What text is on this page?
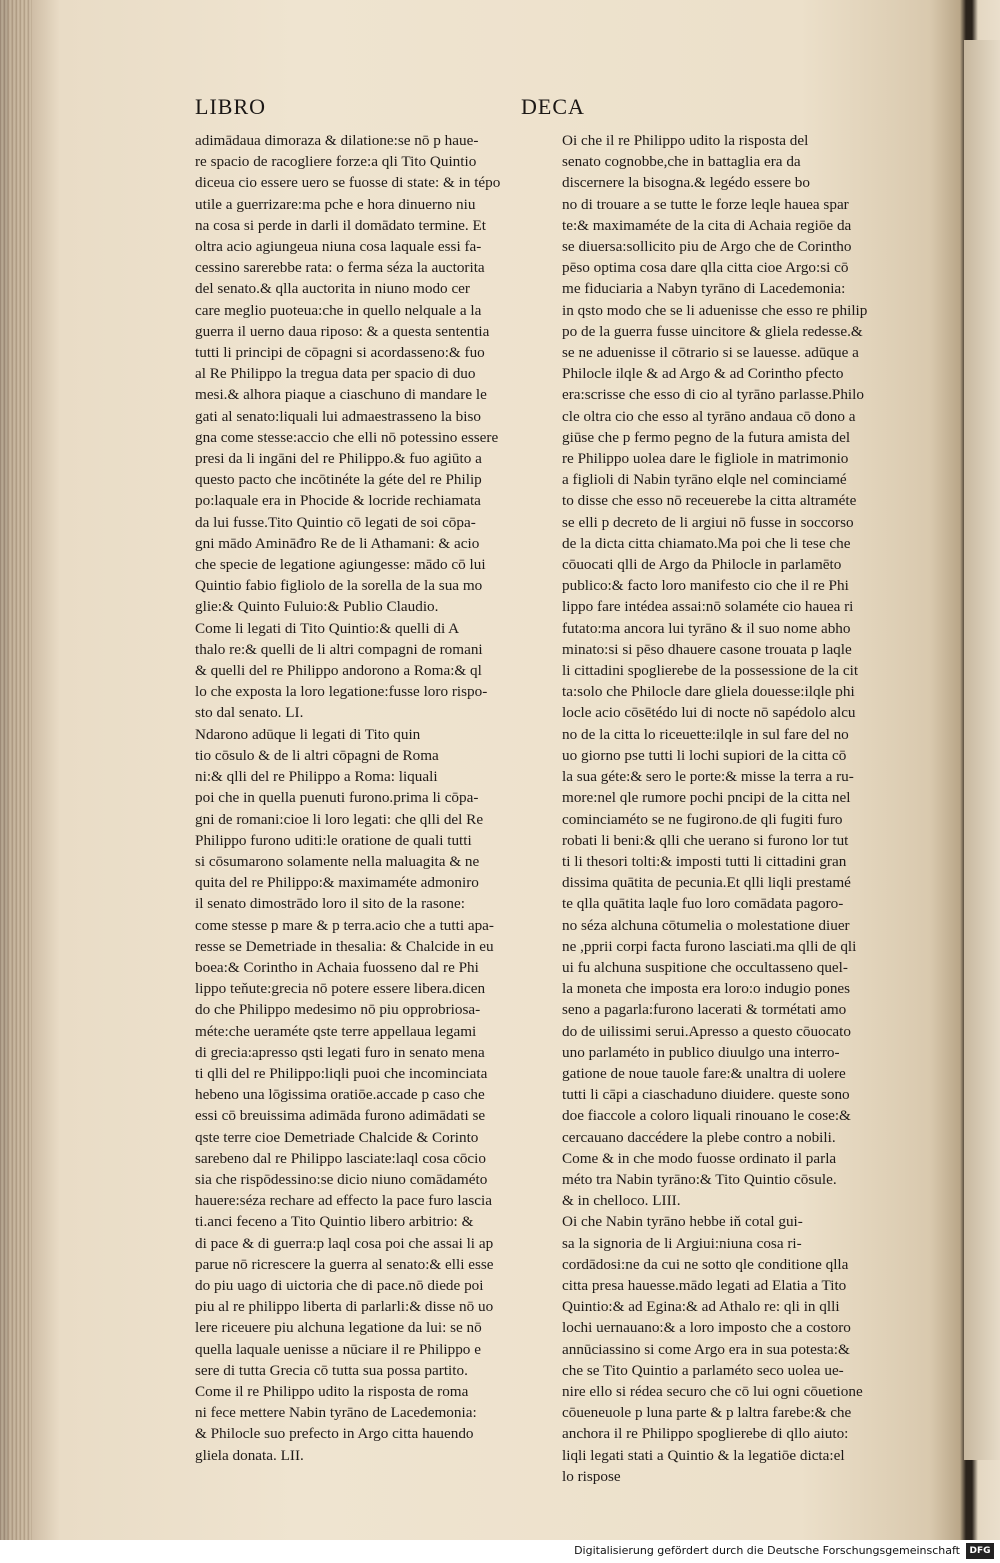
LIBRO	DECA

adimādaua dimoraza & dilatione:se nō p haue-

re spacio de racogliere forze:a qli Tito Quintio

diceua cio essere uero se fuosse di state: & in tépo

utile a guerrizare:ma pche e hora dinuerno niu

na cosa si perde in darli il domādato termine. Et

oltra acio agiungeua niuna cosa laquale essi fa-

cessino sarerebbe rata: o ferma séza la auctorita

del senato.& qlla auctorita in niuno modo cer

care meglio puoteua:che in quello nelquale a la

guerra il uerno daua riposo: & a questa sententia

tutti li principi de cōpagni si acordasseno:& fuo

al Re Philippo la tregua data per spacio di duo

mesi.& alhora piaque a ciaschuno di mandare le

gati al senato:liquali lui admaestrasseno la biso

gna come stesse:accio che elli nō potessino essere

presi da li ingāni del re Philippo.& fuo agiūto a

questo pacto che incōtinéte la géte del re Philip

po:laquale era in Phocide & locride rechiamata

da lui fusse.Tito Quintio cō legati de soi cōpa-

gni mādo Amināđro Re de li Athamani: & acio

che specie de legatione agiungesse: mādo cō lui

Quintio fabio figliolo de la sorella de la sua mo

glie:& Quinto Fuluio:& Publio Claudio.

Come li legati di Tito Quintio:& quelli di A

thalo re:& quelli de li altri compagni de romani

& quelli del re Philippo andorono a Roma:& ql

lo che exposta la loro legatione:fusse loro rispo-

sto dal senato. LI.

Ndarono adūque li legati di Tito quin

tio cōsulo & de li altri cōpagni de Roma

ni:& qlli del re Philippo a Roma: liquali

poi che in quella puenuti furono.prima li cōpa-

gni de romani:cioe li loro legati: che qlli del Re

Philippo furono uditi:le oratione de quali tutti

si cōsumarono solamente nella maluagita & ne

quita del re Philippo:& maximaméte admoniro

il senato dimostrādo loro il sito de la rasone:

come stesse p mare & p terra.acio che a tutti apa-

resse se Demetriade in thesalia: & Chalcide in eu

boea:& Corintho in Achaia fuosseno dal re Phi

lippo teňute:grecia nō potere essere libera.dicen

do che Philippo medesimo nō piu opprobriosa-

méte:che ueraméte qste terre appellaua legami

di grecia:apresso qsti legati furo in senato mena

ti qlli del re Philippo:liqli puoi che incominciata

hebeno una lōgissima oratiōe.accade p caso che

essi cō breuissima adimāda furono adimādati se

qste terre cioe Demetriade Chalcide & Corinto

sarebeno dal re Philippo lasciate:laql cosa cōcio

sia che rispōdessino:se dicio niuno comādaméto

hauere:séza rechare ad effecto la pace furo lascia

ti.anci feceno a Tito Quintio libero arbitrio: &

di pace & di guerra:p laql cosa poi che assai li ap

parue nō ricrescere la guerra al senato:& elli esse

do piu uago di uictoria che di pace.nō diede poi

piu al re philippo liberta di parlarli:& disse nō uo

lere riceuere piu alchuna legatione da lui: se nō

quella laquale uenisse a nūciare il re Philippo e

sere di tutta Grecia cō tutta sua possa partito.

Come il re Philippo udito la risposta de roma

ni fece mettere Nabin tyrāno de Lacedemonia:

& Philocle suo prefecto in Argo citta hauendo

gliela donata. LII.

Oi che il re Philippo udito la risposta del

senato cognobbe,che in battaglia era da

discernere la bisogna.& legédo essere bo

no di trouare a se tutte le forze leqle hauea spar

te:& maximaméte de la cita di Achaia regiōe da

se diuersa:sollicito piu de Argo che de Corintho

pēso optima cosa dare qlla citta cioe Argo:si cō

me fiduciaria a Nabyn tyrāno di Lacedemonia:

in qsto modo che se li aduenisse che esso re philip

po de la guerra fusse uincitore & gliela redesse.&

se ne aduenisse il cōtrario si se lauesse. adūque a

Philocle ilqle & ad Argo & ad Corintho pfecto

era:scrisse che esso di cio al tyrāno parlasse.Philo

cle oltra cio che esso al tyrāno andaua cō dono a

giūse che p fermo pegno de la futura amista del

re Philippo uolea dare le figliole in matrimonio

a figlioli di Nabin tyrāno elqle nel cominciamé

to disse che esso nō receuerebe la citta altraméte

se elli p decreto de li argiui nō fusse in soccorso

de la dicta citta chiamato.Ma poi che li tese che

cōuocati qlli de Argo da Philocle in parlamēto

publico:& facto loro manifesto cio che il re Phi

lippo fare intédea assai:nō solaméte cio hauea ri

futato:ma ancora lui tyrāno & il suo nome abho

minato:si si pēso dhauere casone trouata p laqle

li cittadini spoglierebe de la possessione de la cit

ta:solo che Philocle dare gliela douesse:ilqle phi

locle acio cōsētédo lui di nocte nō sapédolo alcu

no de la citta lo riceuette:ilqle in sul fare del no

uo giorno pse tutti li lochi supiori de la citta cō

la sua géte:& sero le porte:& misse la terra a ru-

more:nel qle rumore pochi pncipi de la citta nel

cominciaméto se ne fugirono.de qli fugiti furo

robati li beni:& qlli che uerano si furono lor tut

ti li thesori tolti:& imposti tutti li cittadini gran

dissima quātita de pecunia.Et qlli liqli prestamé

te qlla quātita laqle fuo loro comādata pagoro-

no séza alchuna cōtumelia o molestatione diuer

ne ,pprii corpi facta furono lasciati.ma qlli de qli

ui fu alchuna suspitione che occultasseno quel-

la moneta che imposta era loro:o indugio pones

seno a pagarla:furono lacerati & tormétati amo

do de uilissimi serui.Apresso a questo cōuocato

uno parlaméto in publico diuulgo una interro-

gatione de noue tauole fare:& unaltra di uolere

tutti li cāpi a ciaschaduno diuidere. queste sono

doe fiaccole a coloro liquali rinouano le cose:&

cercauano daccédere la plebe contro a nobili.

Come & in che modo fuosse ordinato il parla

méto tra Nabin tyrāno:& Tito Quintio cōsule.

& in chelloco. LIII.

Oi che Nabin tyrāno hebbe iň cotal gui-

sa la signoria de li Argiui:niuna cosa ri-

cordādosi:ne da cui ne sotto qle conditione qlla

citta presa hauesse.mādo legati ad Elatia a Tito

Quintio:& ad Egina:& ad Athalo re: qli in qlli

lochi uernauano:& a loro imposto che a costoro

annūciassino si come Argo era in sua potesta:&

che se Tito Quintio a parlaméto seco uolea ue-

nire ello si rédea securo che cō lui ogni cōuetione

cōueneuole p luna parte & p laltra farebe:& che

anchora il re Philippo spoglierebe di qllo aiuto:

liqli legati stati a Quintio & la legatiōe dicta:el

lo rispose

Digitalisierung gefördert durch die Deutsche Forschungsgemeinschaft	DFG
